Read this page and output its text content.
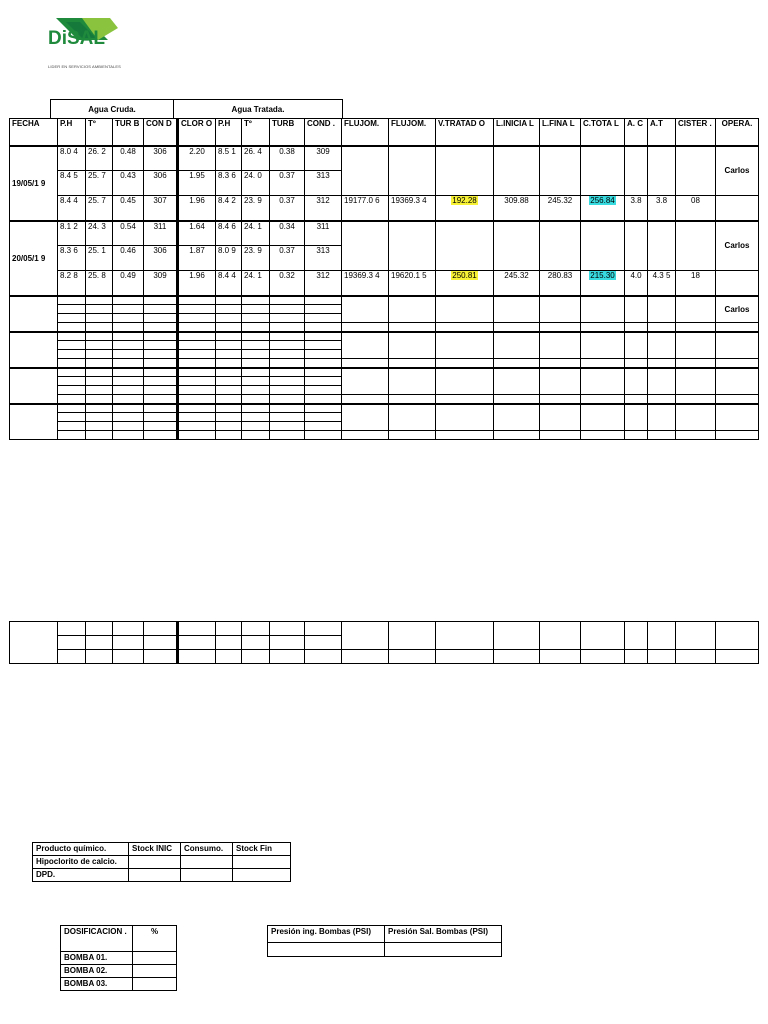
DiSAL
LIDER EN SERVICIOS AMBIENTALES
Agua Cruda.	Agua Tratada.
FECHA	P.H	Tº	TUR B	CON D	CLOR O	P.H	Tº	TURB	COND .	FLUJOM.	FLUJOM.	V.TRATAD O	L.INICIA L	L.FINA L	C.TOTA L	A. C	A.T	CISTER .	OPERA.
19/05/1 9	8.0 4	26. 2	0.48	306	2.20	8.5 1	26. 4	0.38	309										Carlos
	8.4 5	25. 7	0.43	306	1.95	8.3 6	24. 0	0.37	313										
	8.4 4	25. 7	0.45	307	1.96	8.4 2	23. 9	0.37	312	19177.0 6	19369.3 4	192.28	309.88	245.32	256.84	3.8	3.8	08	
20/05/1 9	8.1 2	24. 3	0.54	311	1.64	8.4 6	24. 1	0.34	311										Carlos
	8.3 6	25. 1	0.46	306	1.87	8.0 9	23. 9	0.37	313										
	8.2 8	25. 8	0.49	309	1.96	8.4 4	24. 1	0.32	312	19369.3 4	19620.1 5	250.81	245.32	280.83	215.30	4.0	4.3 5	18	
																			Carlos

Producto químico.	Stock INIC	Consumo.	Stock Fin
Hipoclorito de calcio.			
DPD.			
DOSIFICACION .	%
BOMBA 01.	
BOMBA 02.	
BOMBA 03.	
Presión ing. Bombas (PSI)	Presión Sal. Bombas (PSI)
